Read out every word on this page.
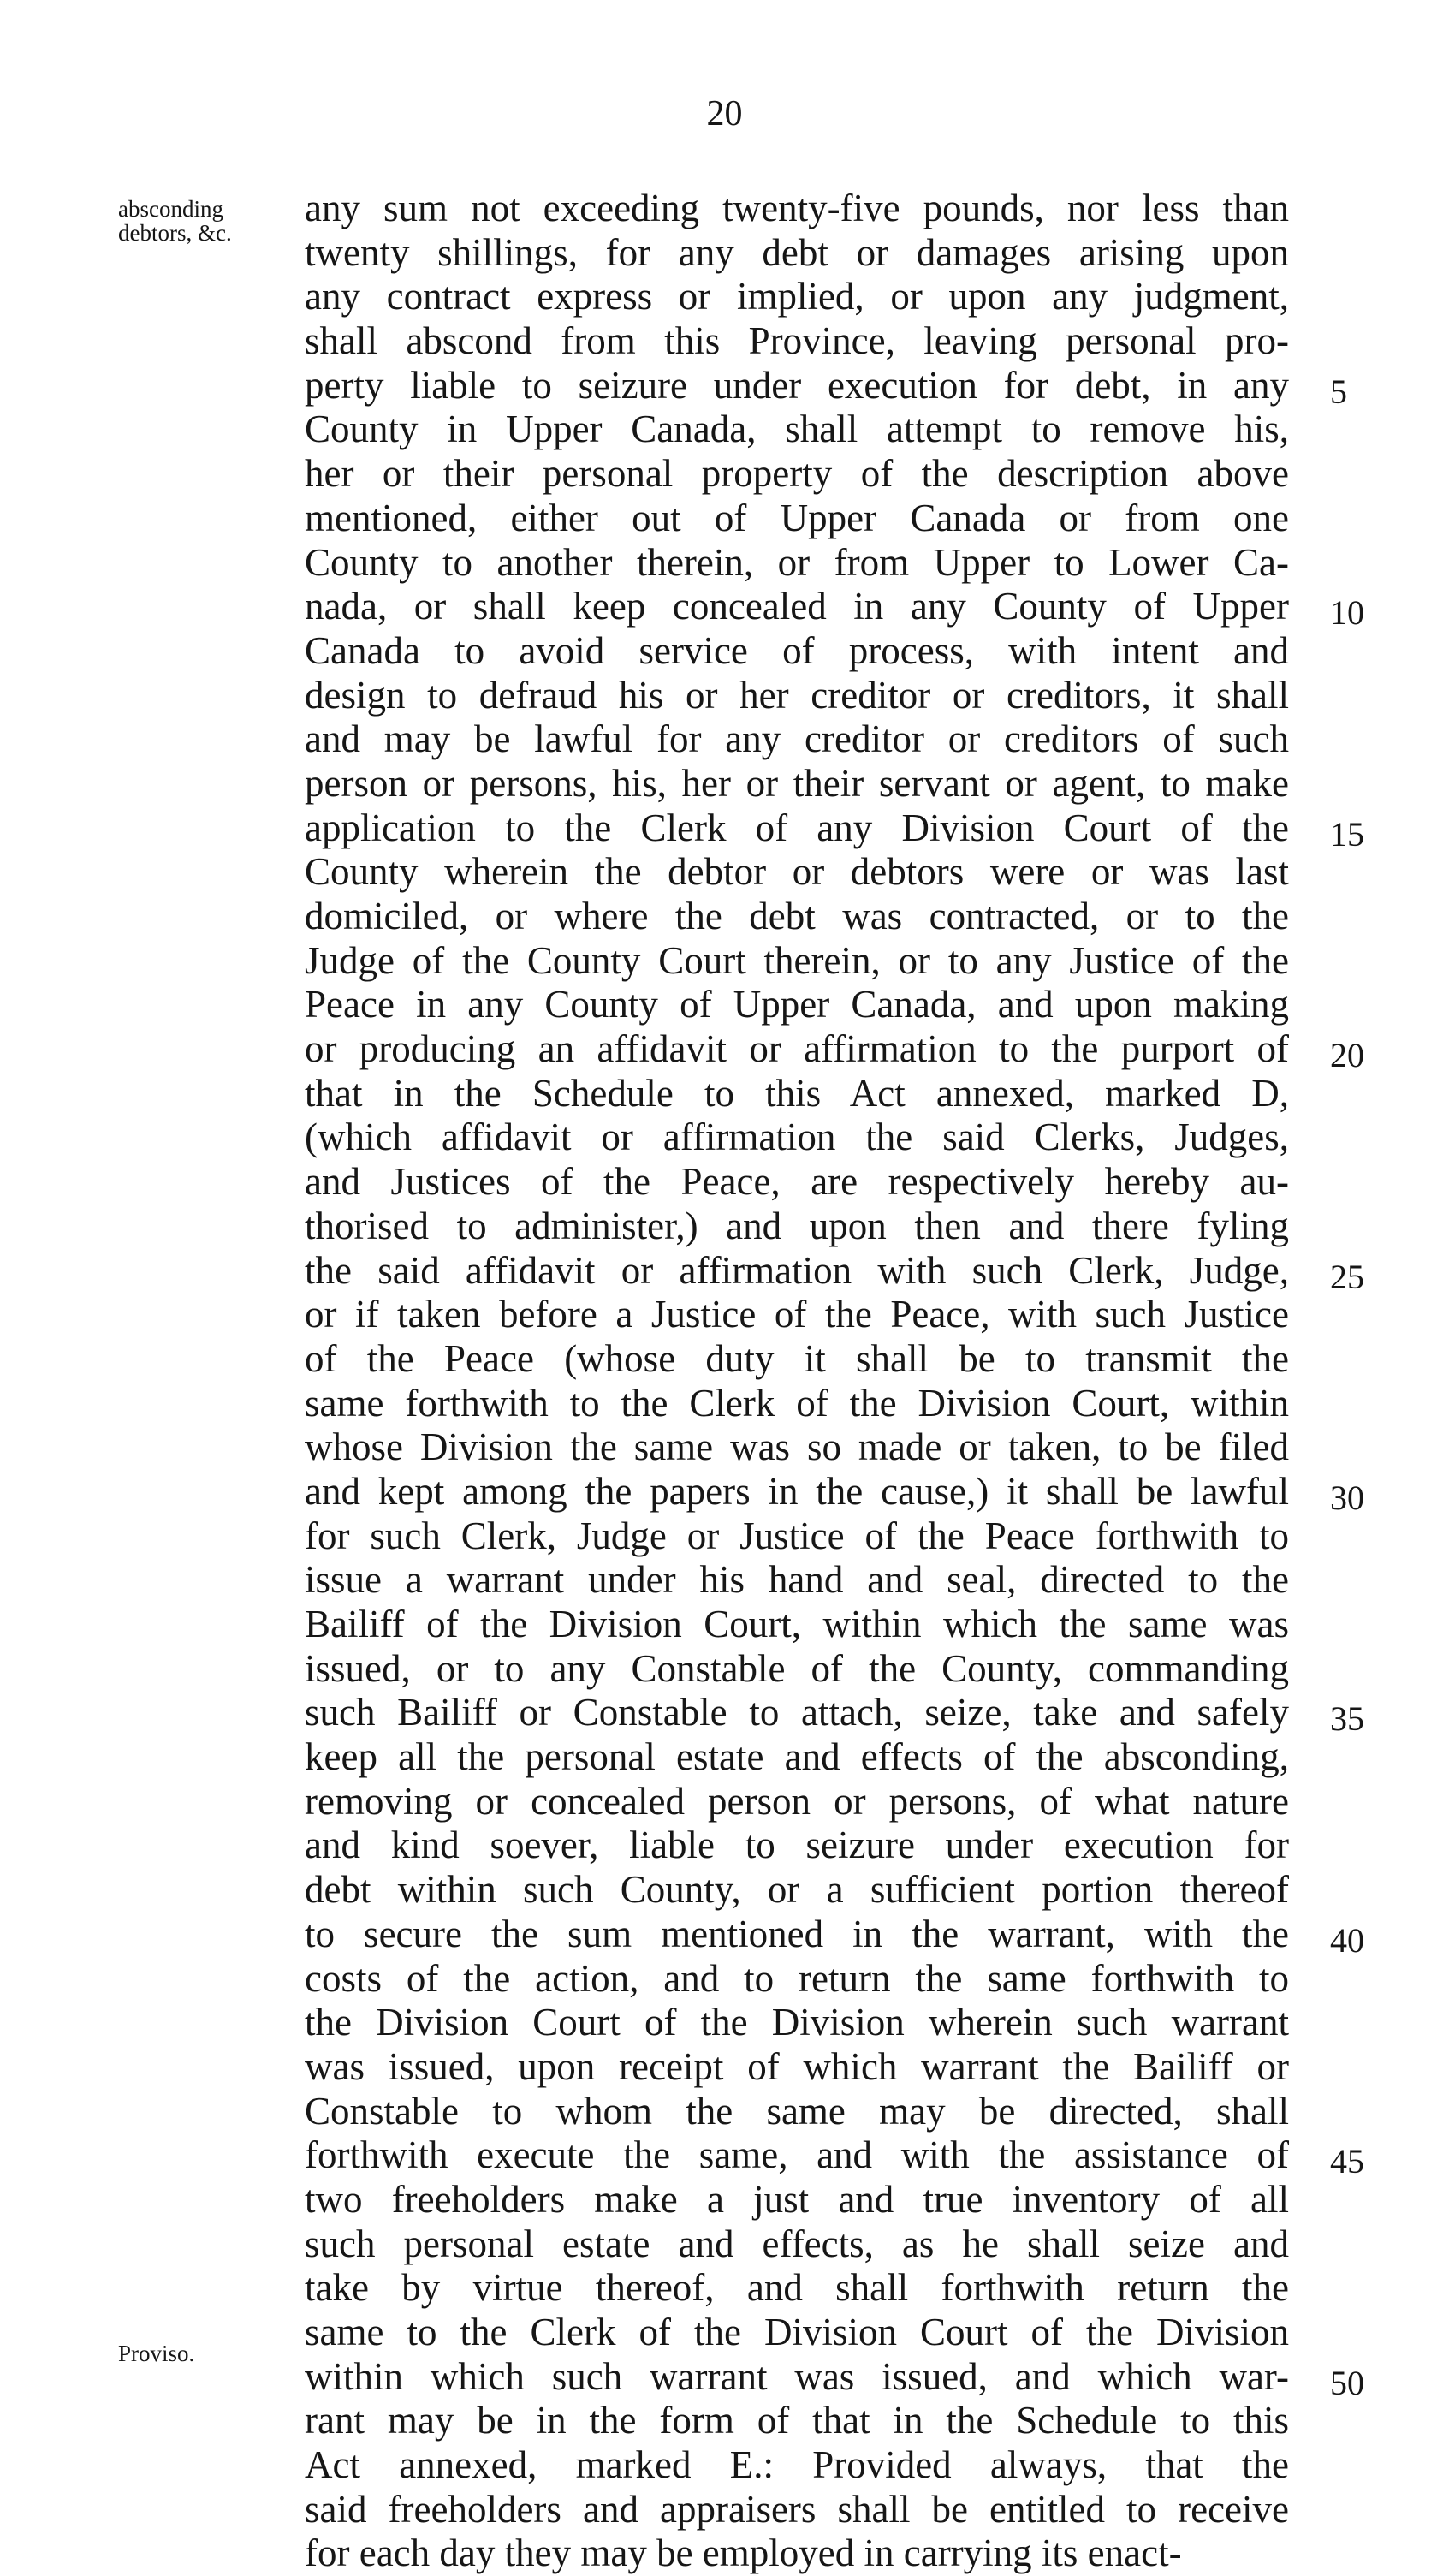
20
absconding
debtors, &c.
Proviso.
any sum not exceeding twenty-five pounds, nor less than
twenty shillings, for any debt or damages arising upon
any contract express or implied, or upon any judgment,
shall abscond from this Province, leaving personal pro-
perty liable to seizure under execution for debt, in any 5
County in Upper Canada, shall attempt to remove his,
her or their personal property of the description above
mentioned, either out of Upper Canada or from one
County to another therein, or from Upper to Lower Ca-
nada, or shall keep concealed in any County of Upper 10
Canada to avoid service of process, with intent and
design to defraud his or her creditor or creditors, it shall
and may be lawful for any creditor or creditors of such
person or persons, his, her or their servant or agent, to make
application to the Clerk of any Division Court of the 15
County wherein the debtor or debtors were or was last
domiciled, or where the debt was contracted, or to the
Judge of the County Court therein, or to any Justice of the
Peace in any County of Upper Canada, and upon making
or producing an affidavit or affirmation to the purport of 20
that in the Schedule to this Act annexed, marked D,
(which affidavit or affirmation the said Clerks, Judges,
and Justices of the Peace, are respectively hereby au-
thorised to administer,) and upon then and there fyling
the said affidavit or affirmation with such Clerk, Judge, 25
or if taken before a Justice of the Peace, with such Justice
of the Peace (whose duty it shall be to transmit the
same forthwith to the Clerk of the Division Court, within
whose Division the same was so made or taken, to be filed
and kept among the papers in the cause,) it shall be lawful 30
for such Clerk, Judge or Justice of the Peace forthwith to
issue a warrant under his hand and seal, directed to the
Bailiff of the Division Court, within which the same was
issued, or to any Constable of the County, commanding
such Bailiff or Constable to attach, seize, take and safely 35
keep all the personal estate and effects of the absconding,
removing or concealed person or persons, of what nature
and kind soever, liable to seizure under execution for
debt within such County, or a sufficient portion thereof
to secure the sum mentioned in the warrant, with the 40
costs of the action, and to return the same forthwith to
the Division Court of the Division wherein such warrant
was issued, upon receipt of which warrant the Bailiff or
Constable to whom the same may be directed, shall
forthwith execute the same, and with the assistance of 45
two freeholders make a just and true inventory of all
such personal estate and effects, as he shall seize and
take by virtue thereof, and shall forthwith return the
same to the Clerk of the Division Court of the Division
within which such warrant was issued, and which war- 50
rant may be in the form of that in the Schedule to this
Act annexed, marked E.: Provided always, that the
said freeholders and appraisers shall be entitled to receive
for each day they may be employed in carrying its enact-
